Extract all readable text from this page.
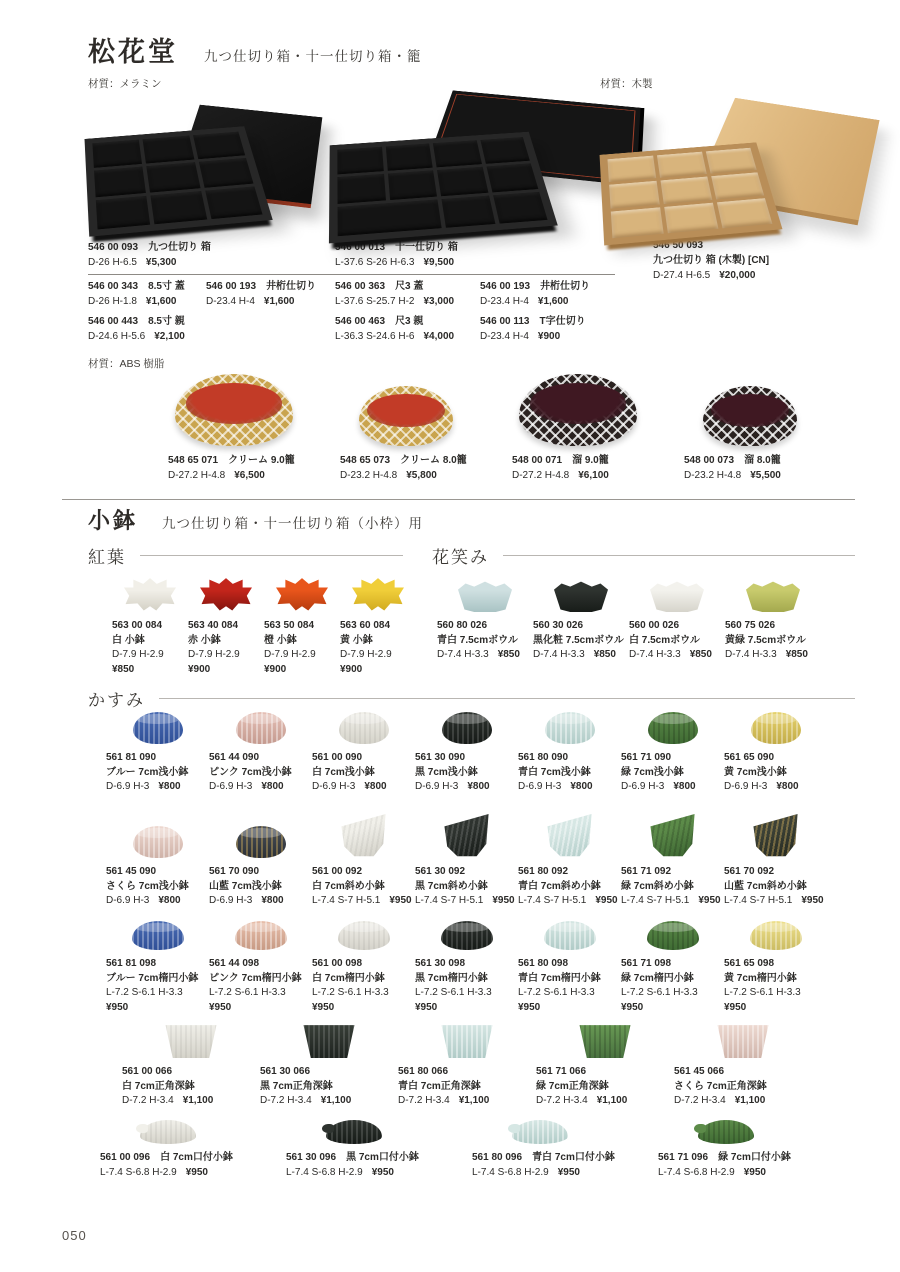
松花堂 九つ仕切り箱・十一仕切り箱・籠
材質：メラミン	材質：木製
546 00 093 九つ仕切り 箱
D-26 H-6.5 ¥5,300
546 00 343 8.5寸 蓋
D-26 H-1.8 ¥1,600
546 00 193 井桁仕切り
D-23.4 H-4 ¥1,600
546 00 443 8.5寸 親
D-24.6 H-5.6 ¥2,100
546 00 013 十一仕切り 箱
L-37.6 S-26 H-6.3 ¥9,500
546 00 363 尺3 蓋
L-37.6 S-25.7 H-2 ¥3,000
546 00 193 井桁仕切り
D-23.4 H-4 ¥1,600
546 00 463 尺3 親
L-36.3 S-24.6 H-6 ¥4,000
546 00 113 T字仕切り
D-23.4 H-4 ¥900
546 50 093
九つ仕切り 箱 (木製) [CN]
D-27.4 H-6.5 ¥20,000
材質：ABS 樹脂
548 65 071 クリーム 9.0籠
D-27.2 H-4.8 ¥6,500
548 65 073 クリーム 8.0籠
D-23.2 H-4.8 ¥5,800
548 00 071 溜 9.0籠
D-27.2 H-4.8 ¥6,100
548 00 073 溜 8.0籠
D-23.2 H-4.8 ¥5,500
小鉢 九つ仕切り箱・十一仕切り箱（小枠）用
紅葉	花笑み
563 00 084
白 小鉢
D-7.9 H-2.9
¥850
563 40 084
赤 小鉢
D-7.9 H-2.9
¥900
563 50 084
橙 小鉢
D-7.9 H-2.9
¥900
563 60 084
黄 小鉢
D-7.9 H-2.9
¥900
560 80 026
青白 7.5cmボウル
D-7.4 H-3.3 ¥850
560 30 026
黒化粧 7.5cmボウル
D-7.4 H-3.3 ¥850
560 00 026
白 7.5cmボウル
D-7.4 H-3.3 ¥850
560 75 026
黄緑 7.5cmボウル
D-7.4 H-3.3 ¥850
かすみ
561 81 090
ブルー 7cm浅小鉢
D-6.9 H-3 ¥800
561 44 090
ピンク 7cm浅小鉢
D-6.9 H-3 ¥800
561 00 090
白 7cm浅小鉢
D-6.9 H-3 ¥800
561 30 090
黒 7cm浅小鉢
D-6.9 H-3 ¥800
561 80 090
青白 7cm浅小鉢
D-6.9 H-3 ¥800
561 71 090
緑 7cm浅小鉢
D-6.9 H-3 ¥800
561 65 090
黄 7cm浅小鉢
D-6.9 H-3 ¥800
561 45 090
さくら 7cm浅小鉢
D-6.9 H-3 ¥800
561 70 090
山藍 7cm浅小鉢
D-6.9 H-3 ¥800
561 00 092
白 7cm斜め小鉢
L-7.4 S-7 H-5.1 ¥950
561 30 092
黒 7cm斜め小鉢
L-7.4 S-7 H-5.1 ¥950
561 80 092
青白 7cm斜め小鉢
L-7.4 S-7 H-5.1 ¥950
561 71 092
緑 7cm斜め小鉢
L-7.4 S-7 H-5.1 ¥950
561 70 092
山藍 7cm斜め小鉢
L-7.4 S-7 H-5.1 ¥950
561 81 098
ブルー 7cm楕円小鉢
L-7.2 S-6.1 H-3.3
¥950
561 44 098
ピンク 7cm楕円小鉢
L-7.2 S-6.1 H-3.3
¥950
561 00 098
白 7cm楕円小鉢
L-7.2 S-6.1 H-3.3
¥950
561 30 098
黒 7cm楕円小鉢
L-7.2 S-6.1 H-3.3
¥950
561 80 098
青白 7cm楕円小鉢
L-7.2 S-6.1 H-3.3
¥950
561 71 098
緑 7cm楕円小鉢
L-7.2 S-6.1 H-3.3
¥950
561 65 098
黄 7cm楕円小鉢
L-7.2 S-6.1 H-3.3
¥950
561 00 066
白 7cm正角深鉢
D-7.2 H-3.4 ¥1,100
561 30 066
黒 7cm正角深鉢
D-7.2 H-3.4 ¥1,100
561 80 066
青白 7cm正角深鉢
D-7.2 H-3.4 ¥1,100
561 71 066
緑 7cm正角深鉢
D-7.2 H-3.4 ¥1,100
561 45 066
さくら 7cm正角深鉢
D-7.2 H-3.4 ¥1,100
561 00 096 白 7cm口付小鉢
L-7.4 S-6.8 H-2.9 ¥950
561 30 096 黒 7cm口付小鉢
L-7.4 S-6.8 H-2.9 ¥950
561 80 096 青白 7cm口付小鉢
L-7.4 S-6.8 H-2.9 ¥950
561 71 096 緑 7cm口付小鉢
L-7.4 S-6.8 H-2.9 ¥950
050
